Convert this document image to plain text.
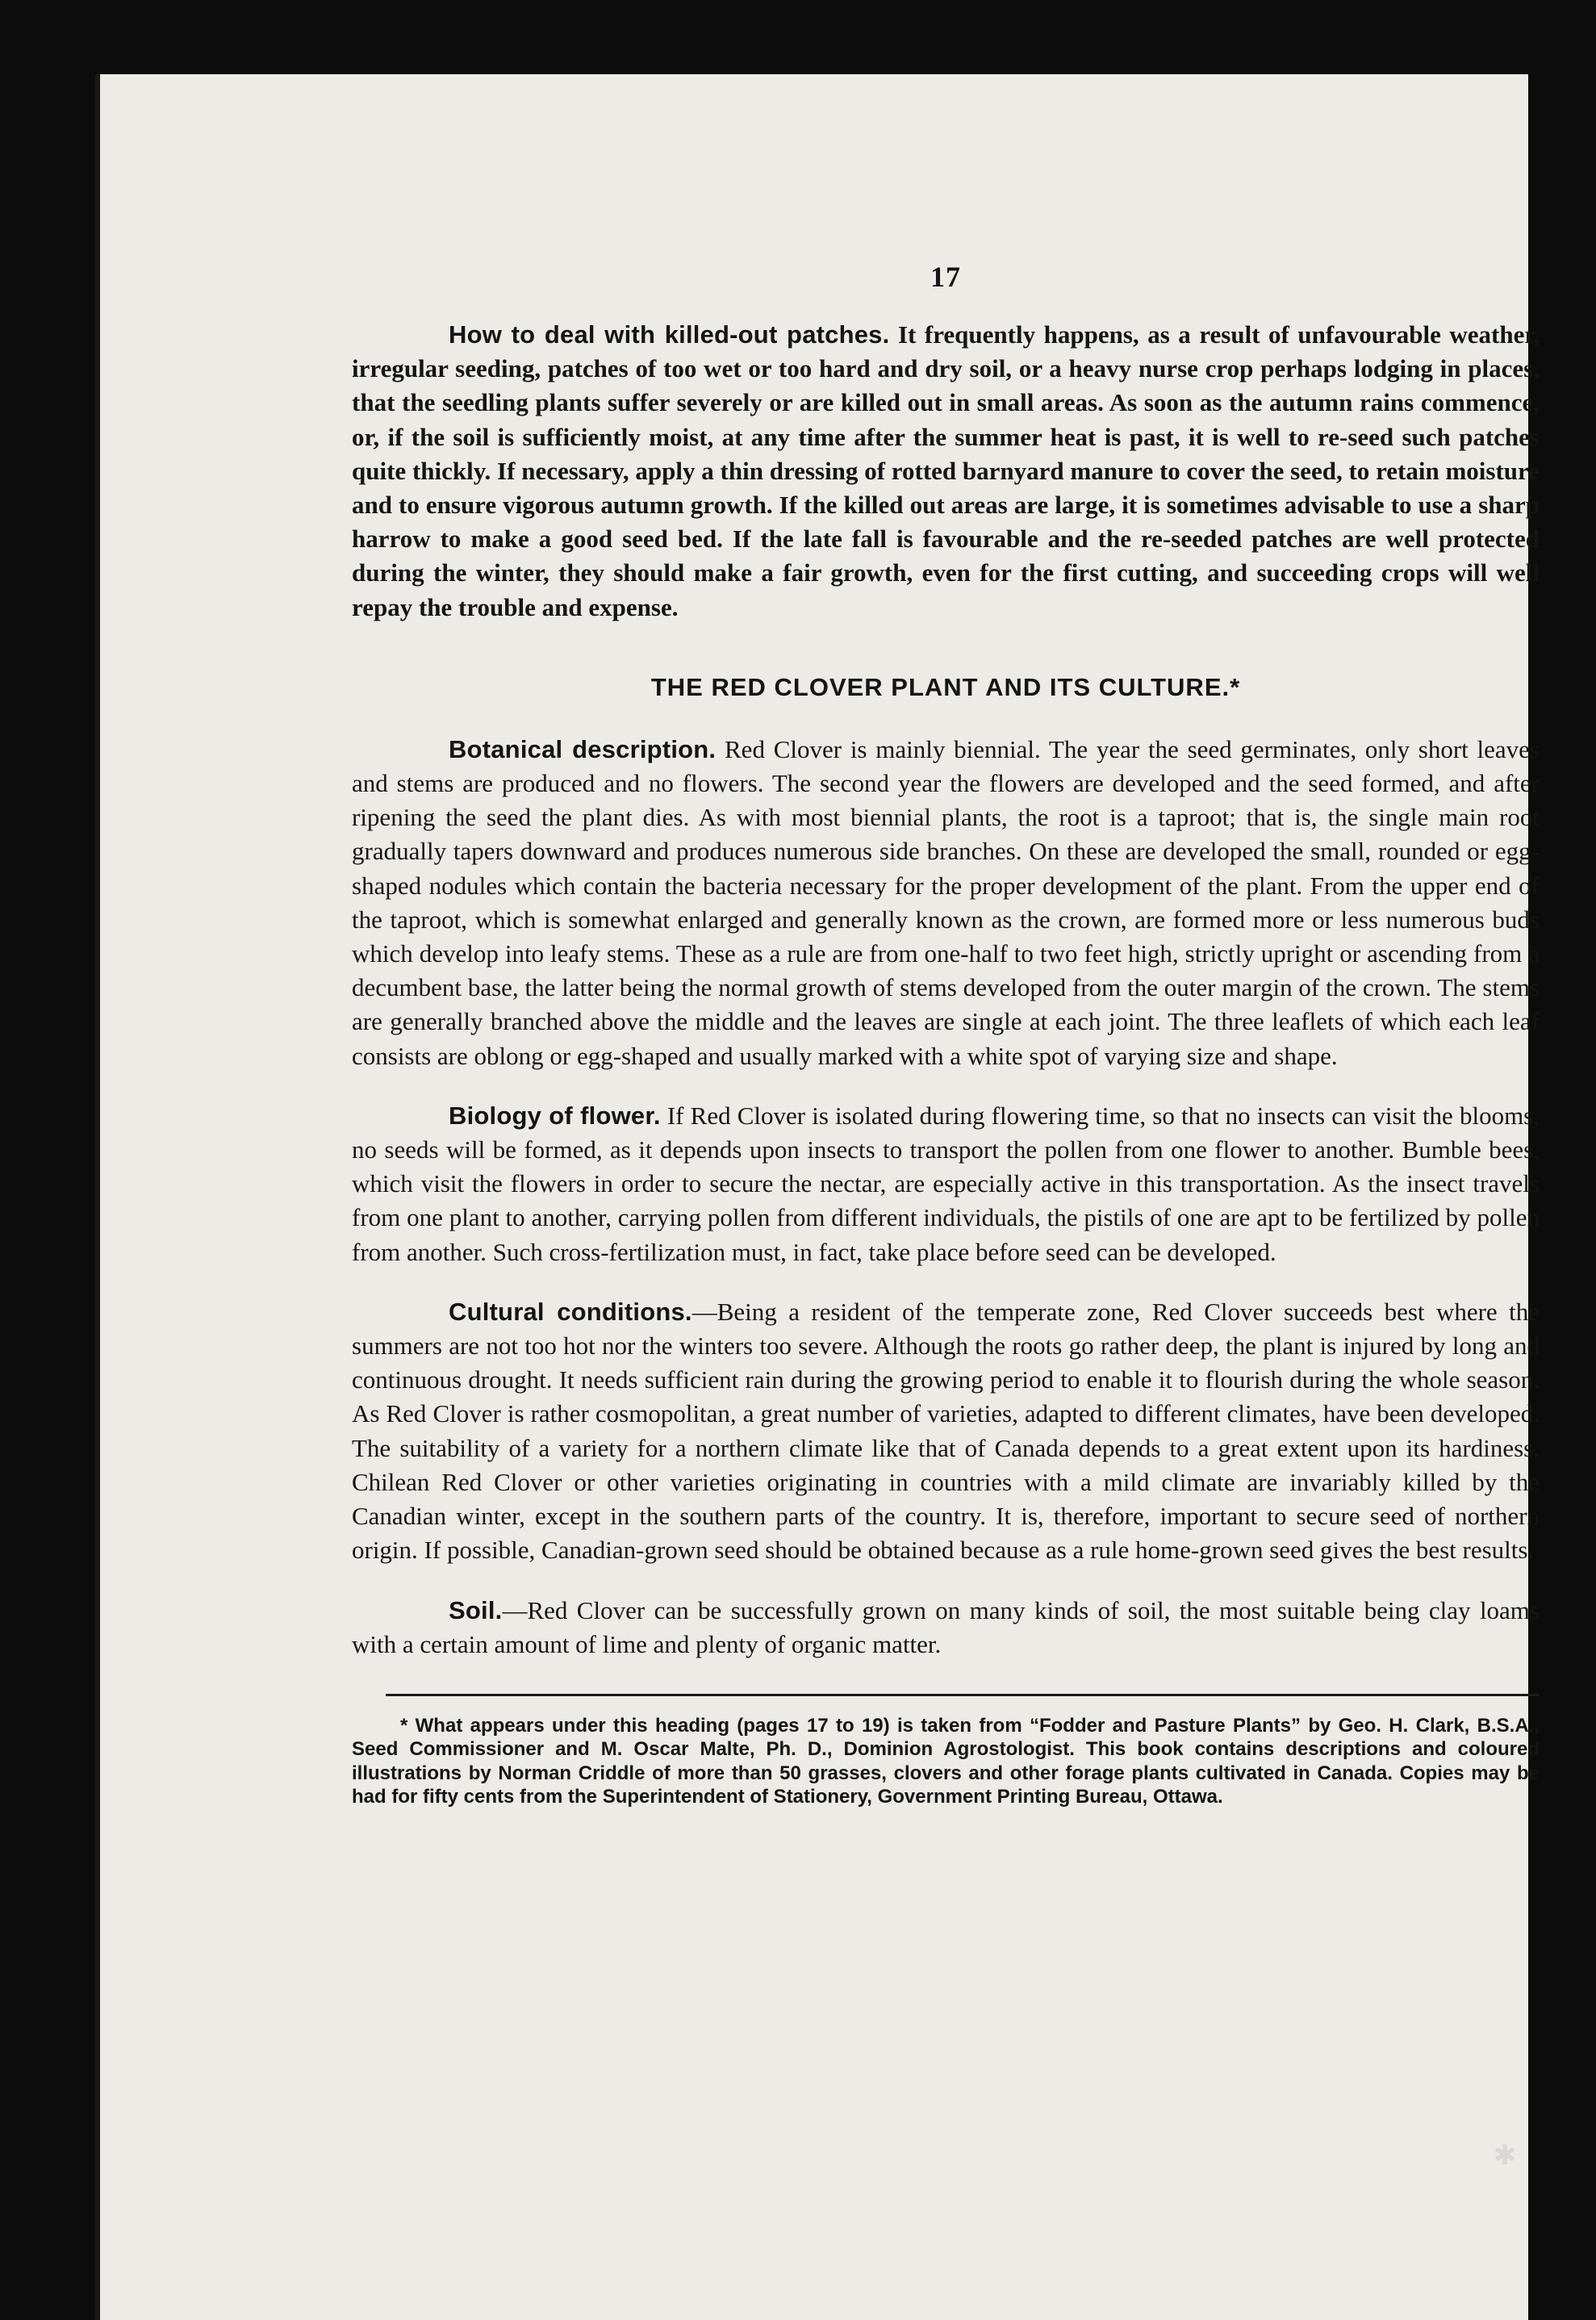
17

How to deal with killed-out patches. It frequently happens, as a result of unfavourable weather, irregular seeding, patches of too wet or too hard and dry soil, or a heavy nurse crop perhaps lodging in places, that the seedling plants suffer severely or are killed out in small areas. As soon as the autumn rains commence, or, if the soil is sufficiently moist, at any time after the summer heat is past, it is well to re-seed such patches quite thickly. If necessary, apply a thin dressing of rotted barnyard manure to cover the seed, to retain moisture and to ensure vigorous autumn growth. If the killed out areas are large, it is sometimes advisable to use a sharp harrow to make a good seed bed. If the late fall is favourable and the re-seeded patches are well protected during the winter, they should make a fair growth, even for the first cutting, and succeeding crops will well repay the trouble and expense.

THE RED CLOVER PLANT AND ITS CULTURE.*

Botanical description. Red Clover is mainly biennial. The year the seed germinates, only short leaves and stems are produced and no flowers. The second year the flowers are developed and the seed formed, and after ripening the seed the plant dies. As with most biennial plants, the root is a taproot; that is, the single main root gradually tapers downward and produces numerous side branches. On these are developed the small, rounded or egg-shaped nodules which contain the bacteria necessary for the proper development of the plant. From the upper end of the taproot, which is somewhat enlarged and generally known as the crown, are formed more or less numerous buds which develop into leafy stems. These as a rule are from one-half to two feet high, strictly upright or ascending from a decumbent base, the latter being the normal growth of stems developed from the outer margin of the crown. The stems are generally branched above the middle and the leaves are single at each joint. The three leaflets of which each leaf consists are oblong or egg-shaped and usually marked with a white spot of varying size and shape.

Biology of flower. If Red Clover is isolated during flowering time, so that no insects can visit the blooms, no seeds will be formed, as it depends upon insects to transport the pollen from one flower to another. Bumble bees, which visit the flowers in order to secure the nectar, are especially active in this transportation. As the insect travels from one plant to another, carrying pollen from different individuals, the pistils of one are apt to be fertilized by pollen from another. Such cross-fertilization must, in fact, take place before seed can be developed.

Cultural conditions.—Being a resident of the temperate zone, Red Clover succeeds best where the summers are not too hot nor the winters too severe. Although the roots go rather deep, the plant is injured by long and continuous drought. It needs sufficient rain during the growing period to enable it to flourish during the whole season. As Red Clover is rather cosmopolitan, a great number of varieties, adapted to different climates, have been developed. The suitability of a variety for a northern climate like that of Canada depends to a great extent upon its hardiness. Chilean Red Clover or other varieties originating in countries with a mild climate are invariably killed by the Canadian winter, except in the southern parts of the country. It is, therefore, important to secure seed of northern origin. If possible, Canadian-grown seed should be obtained because as a rule home-grown seed gives the best results.

Soil.—Red Clover can be successfully grown on many kinds of soil, the most suitable being clay loams with a certain amount of lime and plenty of organic matter.

* What appears under this heading (pages 17 to 19) is taken from “Fodder and Pasture Plants” by Geo. H. Clark, B.S.A., Seed Commissioner and M. Oscar Malte, Ph. D., Dominion Agrostologist. This book contains descriptions and coloured illustrations by Norman Criddle of more than 50 grasses, clovers and other forage plants cultivated in Canada. Copies may be had for fifty cents from the Superintendent of Stationery, Government Printing Bureau, Ottawa.

✱
